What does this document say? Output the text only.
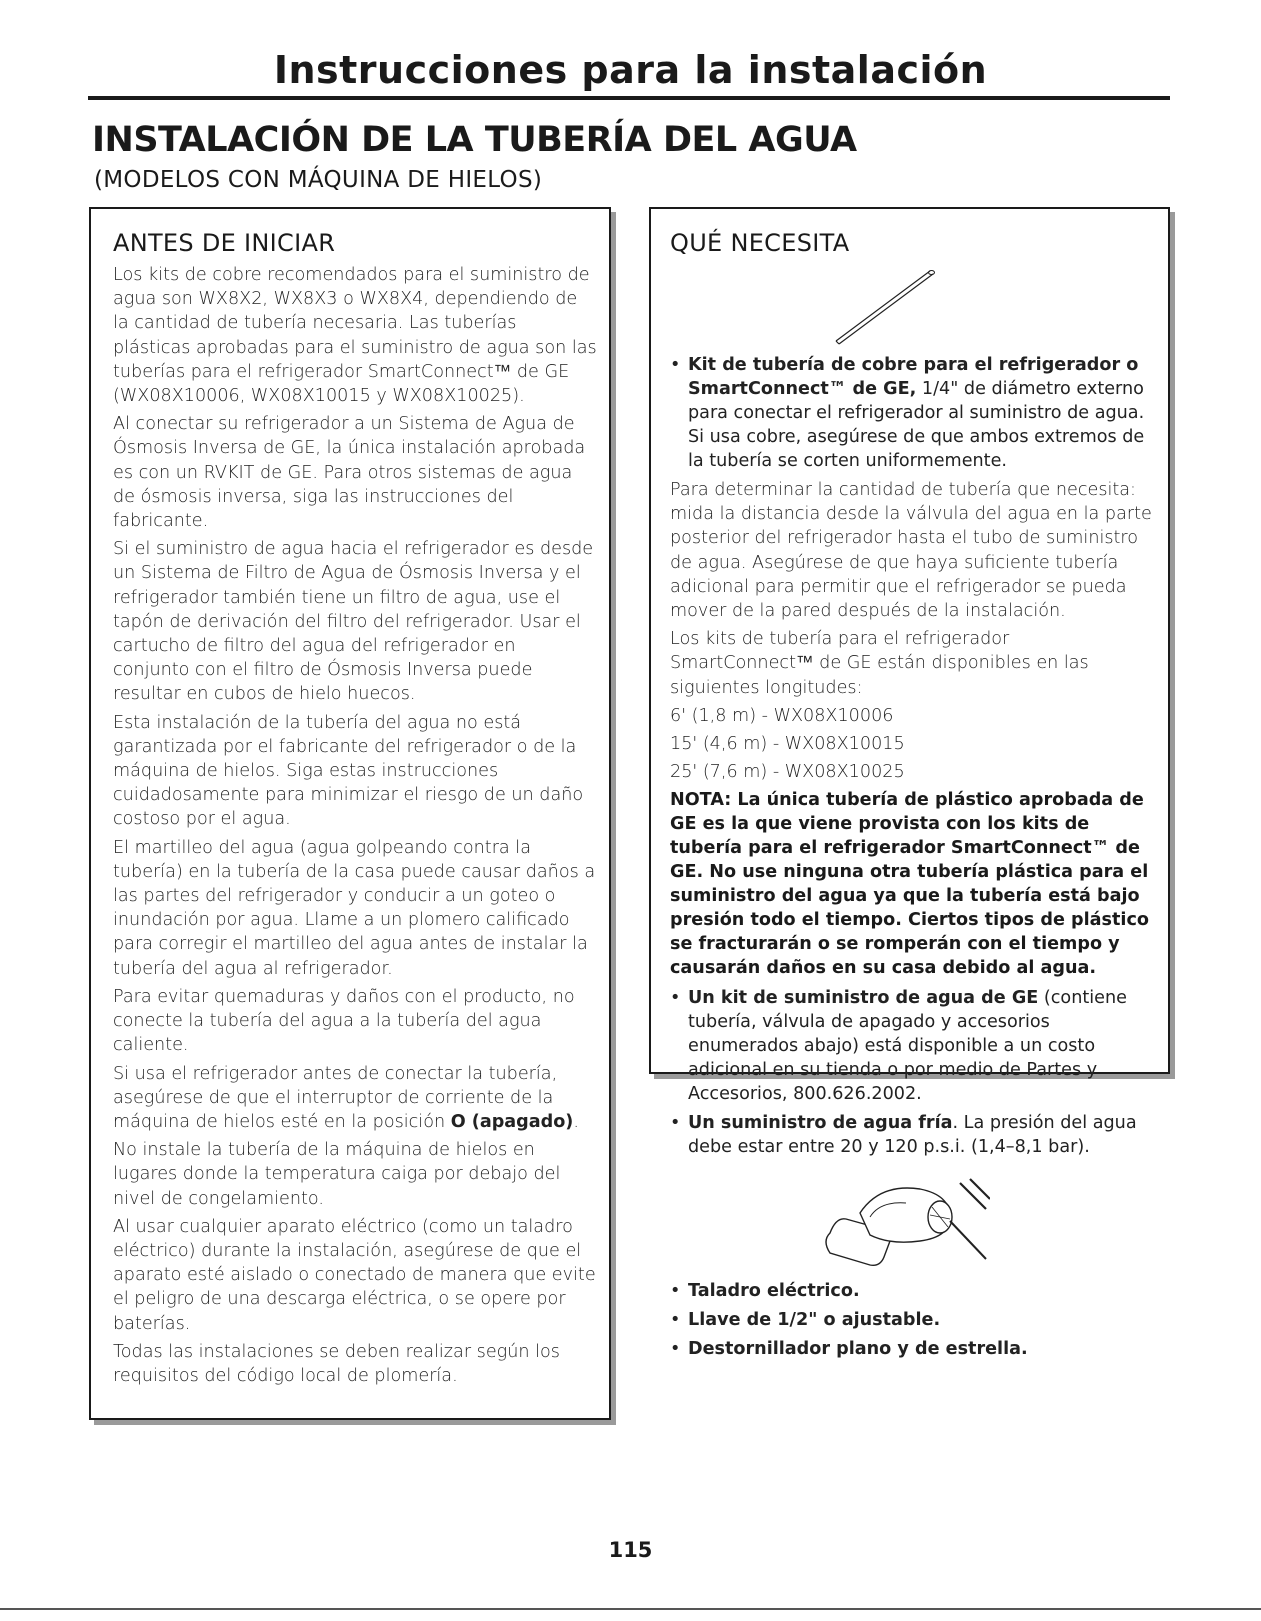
Instrucciones para la instalación
INSTALACIÓN DE LA TUBERÍA DEL AGUA
(MODELOS CON MÁQUINA DE HIELOS)
ANTES DE INICIAR

Los kits de cobre recomendados para el suministro de agua son WX8X2, WX8X3 o WX8X4, dependiendo de la cantidad de tubería necesaria. Las tuberías plásticas aprobadas para el suministro de agua son las tuberías para el refrigerador SmartConnect™ de GE (WX08X10006, WX08X10015 y WX08X10025).

Al conectar su refrigerador a un Sistema de Agua de Ósmosis Inversa de GE, la única instalación aprobada es con un RVKIT de GE. Para otros sistemas de agua de ósmosis inversa, siga las instrucciones del fabricante.

Si el suministro de agua hacia el refrigerador es desde un Sistema de Filtro de Agua de Ósmosis Inversa y el refrigerador también tiene un filtro de agua, use el tapón de derivación del filtro del refrigerador. Usar el cartucho de filtro del agua del refrigerador en conjunto con el filtro de Ósmosis Inversa puede resultar en cubos de hielo huecos.

Esta instalación de la tubería del agua no está garantizada por el fabricante del refrigerador o de la máquina de hielos. Siga estas instrucciones cuidadosamente para minimizar el riesgo de un daño costoso por el agua.

El martilleo del agua (agua golpeando contra la tubería) en la tubería de la casa puede causar daños a las partes del refrigerador y conducir a un goteo o inundación por agua. Llame a un plomero calificado para corregir el martilleo del agua antes de instalar la tubería del agua al refrigerador.

Para evitar quemaduras y daños con el producto, no conecte la tubería del agua a la tubería del agua caliente.

Si usa el refrigerador antes de conectar la tubería, asegúrese de que el interruptor de corriente de la máquina de hielos esté en la posición O (apagado).

No instale la tubería de la máquina de hielos en lugares donde la temperatura caiga por debajo del nivel de congelamiento.

Al usar cualquier aparato eléctrico (como un taladro eléctrico) durante la instalación, asegúrese de que el aparato esté aislado o conectado de manera que evite el peligro de una descarga eléctrica, o se opere por baterías.

Todas las instalaciones se deben realizar según los requisitos del código local de plomería.

QUÉ NECESITA

• Kit de tubería de cobre para el refrigerador o SmartConnect™ de GE, 1/4" de diámetro externo para conectar el refrigerador al suministro de agua. Si usa cobre, asegúrese de que ambos extremos de la tubería se corten uniformemente.

Para determinar la cantidad de tubería que necesita: mida la distancia desde la válvula del agua en la parte posterior del refrigerador hasta el tubo de suministro de agua. Asegúrese de que haya suficiente tubería adicional para permitir que el refrigerador se pueda mover de la pared después de la instalación.

Los kits de tubería para el refrigerador SmartConnect™ de GE están disponibles en las siguientes longitudes:

6' (1,8 m) - WX08X10006

15' (4,6 m) - WX08X10015

25' (7,6 m) - WX08X10025

NOTA: La única tubería de plástico aprobada de GE es la que viene provista con los kits de tubería para el refrigerador SmartConnect™ de GE. No use ninguna otra tubería plástica para el suministro del agua ya que la tubería está bajo presión todo el tiempo. Ciertos tipos de plástico se fracturarán o se romperán con el tiempo y causarán daños en su casa debido al agua.

• Un kit de suministro de agua de GE (contiene tubería, válvula de apagado y accesorios enumerados abajo) está disponible a un costo adicional en su tienda o por medio de Partes y Accesorios, 800.626.2002.

• Un suministro de agua fría. La presión del agua debe estar entre 20 y 120 p.s.i. (1,4–8,1 bar).

• Taladro eléctrico.

• Llave de 1/2" o ajustable.

• Destornillador plano y de estrella.

115
